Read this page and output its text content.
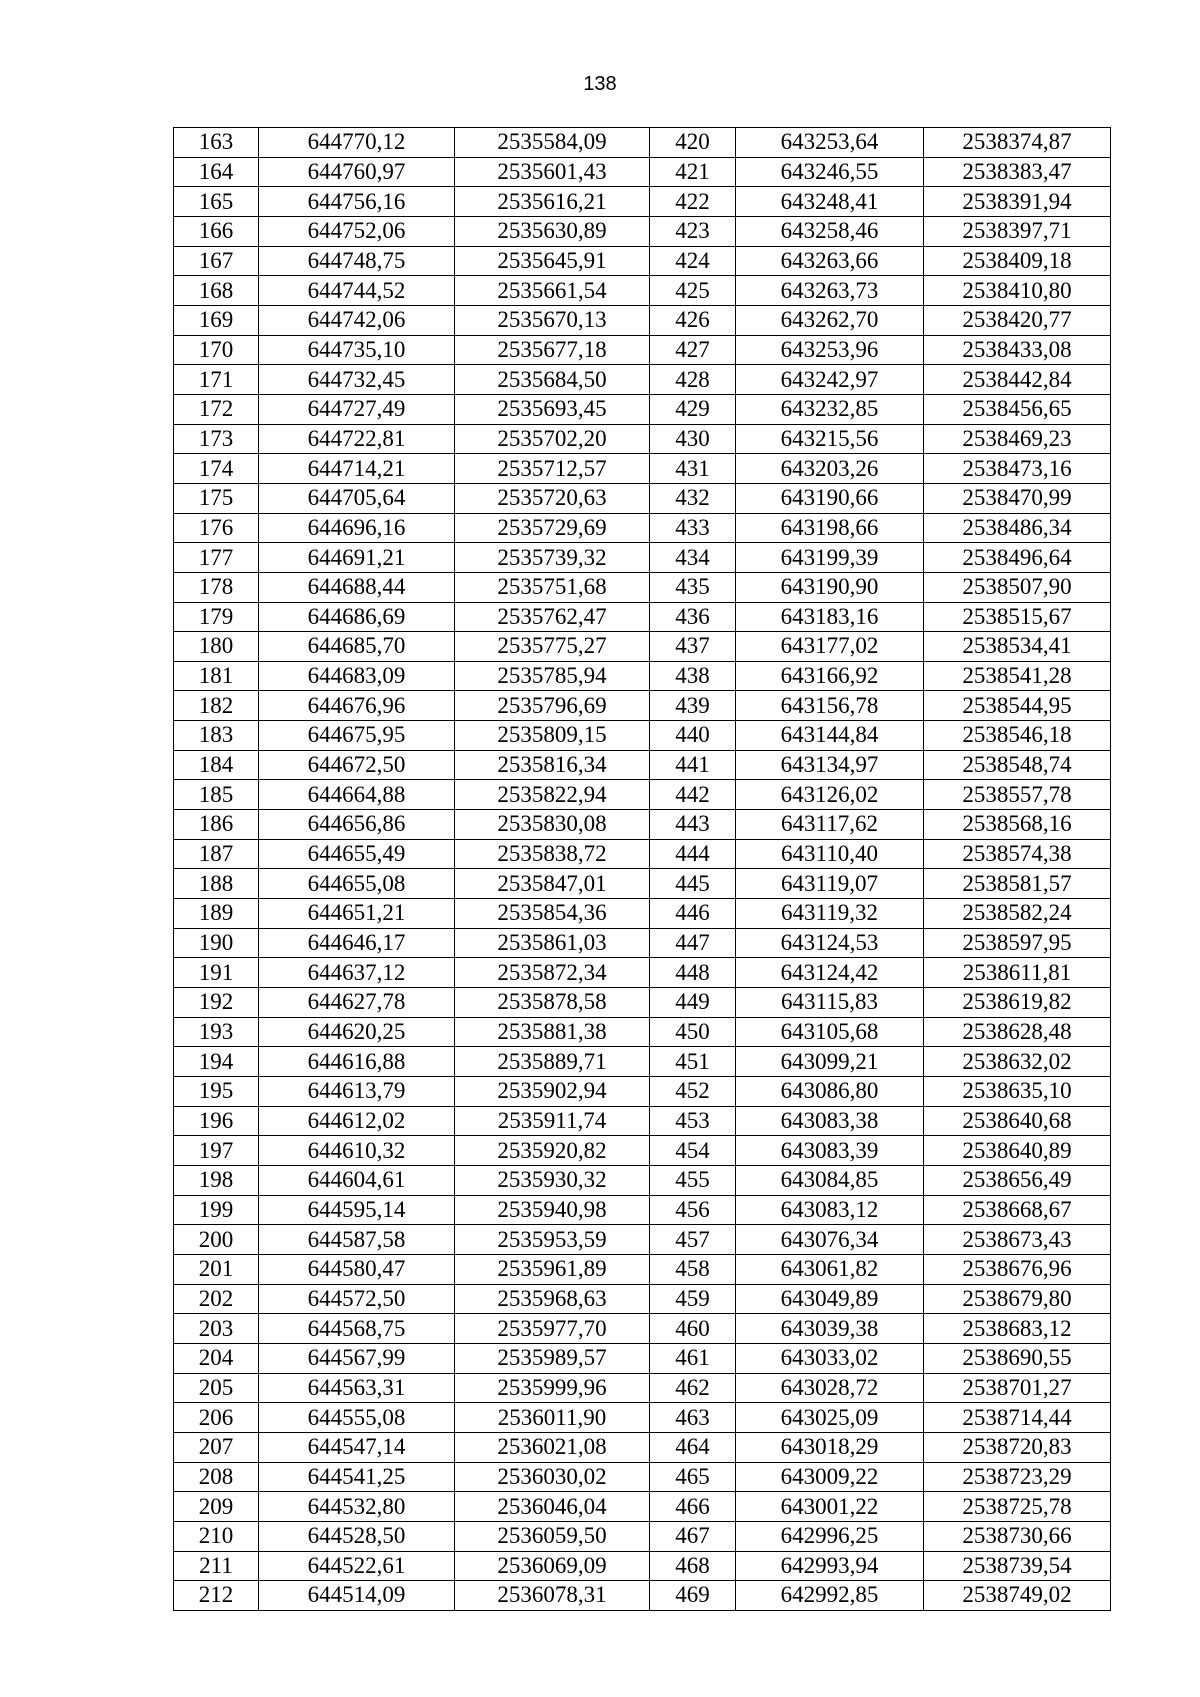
138
163	644770,12	2535584,09	420	643253,64	2538374,87
164	644760,97	2535601,43	421	643246,55	2538383,47
165	644756,16	2535616,21	422	643248,41	2538391,94
166	644752,06	2535630,89	423	643258,46	2538397,71
167	644748,75	2535645,91	424	643263,66	2538409,18
168	644744,52	2535661,54	425	643263,73	2538410,80
169	644742,06	2535670,13	426	643262,70	2538420,77
170	644735,10	2535677,18	427	643253,96	2538433,08
171	644732,45	2535684,50	428	643242,97	2538442,84
172	644727,49	2535693,45	429	643232,85	2538456,65
173	644722,81	2535702,20	430	643215,56	2538469,23
174	644714,21	2535712,57	431	643203,26	2538473,16
175	644705,64	2535720,63	432	643190,66	2538470,99
176	644696,16	2535729,69	433	643198,66	2538486,34
177	644691,21	2535739,32	434	643199,39	2538496,64
178	644688,44	2535751,68	435	643190,90	2538507,90
179	644686,69	2535762,47	436	643183,16	2538515,67
180	644685,70	2535775,27	437	643177,02	2538534,41
181	644683,09	2535785,94	438	643166,92	2538541,28
182	644676,96	2535796,69	439	643156,78	2538544,95
183	644675,95	2535809,15	440	643144,84	2538546,18
184	644672,50	2535816,34	441	643134,97	2538548,74
185	644664,88	2535822,94	442	643126,02	2538557,78
186	644656,86	2535830,08	443	643117,62	2538568,16
187	644655,49	2535838,72	444	643110,40	2538574,38
188	644655,08	2535847,01	445	643119,07	2538581,57
189	644651,21	2535854,36	446	643119,32	2538582,24
190	644646,17	2535861,03	447	643124,53	2538597,95
191	644637,12	2535872,34	448	643124,42	2538611,81
192	644627,78	2535878,58	449	643115,83	2538619,82
193	644620,25	2535881,38	450	643105,68	2538628,48
194	644616,88	2535889,71	451	643099,21	2538632,02
195	644613,79	2535902,94	452	643086,80	2538635,10
196	644612,02	2535911,74	453	643083,38	2538640,68
197	644610,32	2535920,82	454	643083,39	2538640,89
198	644604,61	2535930,32	455	643084,85	2538656,49
199	644595,14	2535940,98	456	643083,12	2538668,67
200	644587,58	2535953,59	457	643076,34	2538673,43
201	644580,47	2535961,89	458	643061,82	2538676,96
202	644572,50	2535968,63	459	643049,89	2538679,80
203	644568,75	2535977,70	460	643039,38	2538683,12
204	644567,99	2535989,57	461	643033,02	2538690,55
205	644563,31	2535999,96	462	643028,72	2538701,27
206	644555,08	2536011,90	463	643025,09	2538714,44
207	644547,14	2536021,08	464	643018,29	2538720,83
208	644541,25	2536030,02	465	643009,22	2538723,29
209	644532,80	2536046,04	466	643001,22	2538725,78
210	644528,50	2536059,50	467	642996,25	2538730,66
211	644522,61	2536069,09	468	642993,94	2538739,54
212	644514,09	2536078,31	469	642992,85	2538749,02
